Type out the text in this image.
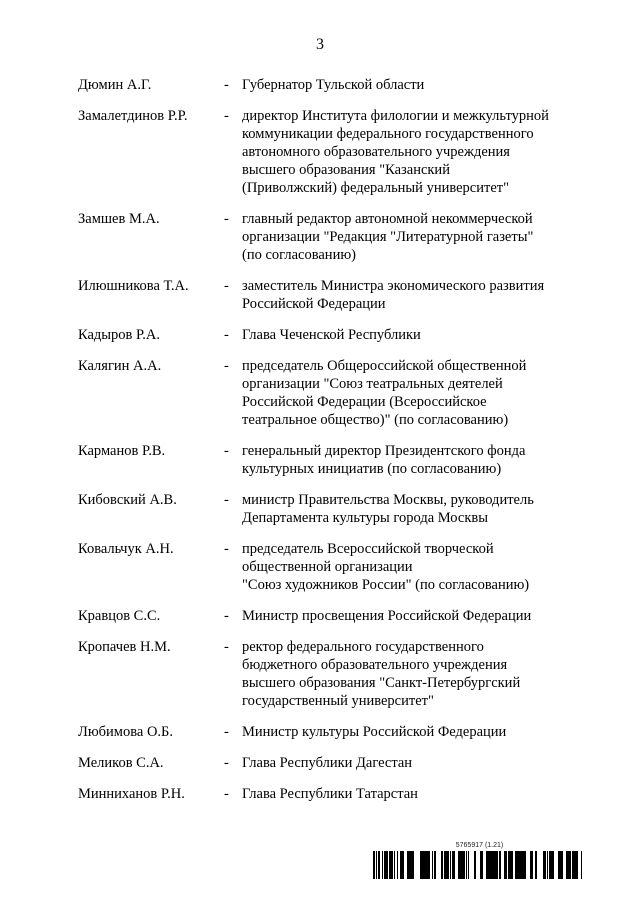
3
Дюмин А.Г.	- Губернатор Тульской области
Замалетдинов Р.Р.	- директор Института филологии и межкультурной
коммуникации федерального государственного
автономного образовательного учреждения
высшего образования "Казанский
(Приволжский) федеральный университет"
Замшев М.А.	- главный редактор автономной некоммерческой
организации "Редакция "Литературной газеты"
(по согласованию)
Илюшникова Т.А.	- заместитель Министра экономического развития
Российской Федерации
Кадыров Р.А.	- Глава Чеченской Республики
Калягин А.А.	- председатель Общероссийской общественной
организации "Союз театральных деятелей
Российской Федерации (Всероссийское
театральное общество)" (по согласованию)
Карманов Р.В.	- генеральный директор Президентского фонда
культурных инициатив (по согласованию)
Кибовский А.В.	- министр Правительства Москвы, руководитель
Департамента культуры города Москвы
Ковальчук А.Н.	- председатель Всероссийской творческой
общественной организации
"Союз художников России" (по согласованию)
Кравцов С.С.	- Министр просвещения Российской Федерации
Кропачев Н.М.	- ректор федерального государственного
бюджетного образовательного учреждения
высшего образования "Санкт-Петербургский
государственный университет"
Любимова О.Б.	- Министр культуры Российской Федерации
Меликов С.А.	- Глава Республики Дагестан
Минниханов Р.Н.	- Глава Республики Татарстан
5765917 (1.21)
